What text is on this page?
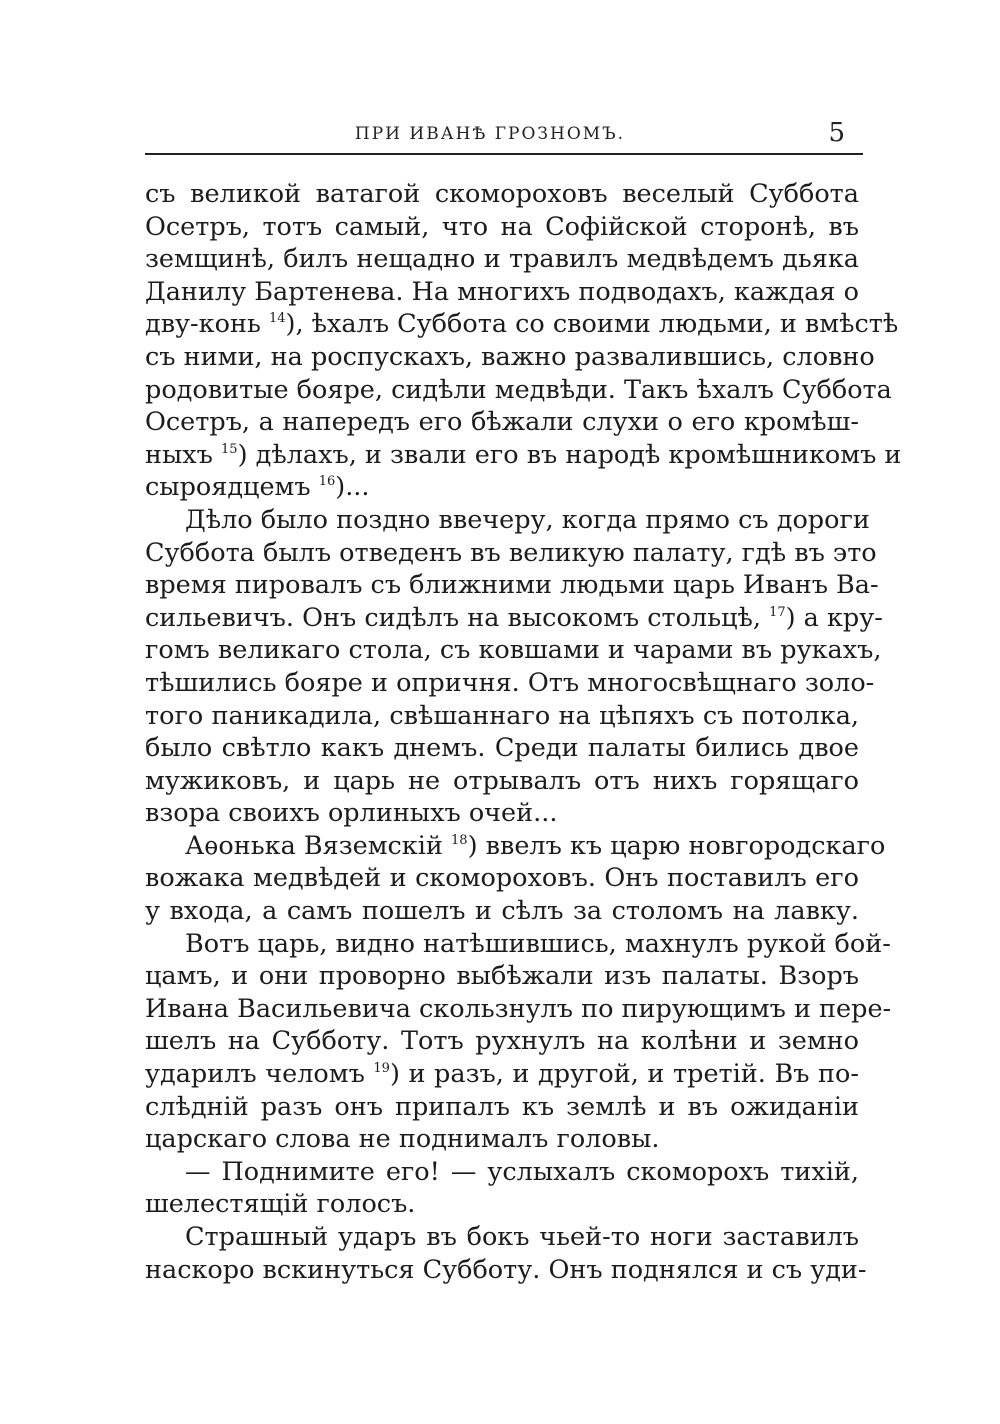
ПРИ ИВАНѢ ГРОЗНОМЪ.	5
съ великой ватагой скомороховъ веселый Суббота
Осетръ, тотъ самый, что на Софійской сторонѣ, въ
земщинѣ, билъ нещадно и травилъ медвѣдемъ дьяка
Данилу Бартенева. На многихъ подводахъ, каждая о
дву-конь $^{14}$), ѣхалъ Суббота со своими людьми, и вмѣстѣ
съ ними, на роспускахъ, важно развалившись, словно
родовитые бояре, сидѣли медвѣди. Такъ ѣхалъ Суббота
Осетръ, а напередъ его бѣжали слухи о его кромѣш-
ныхъ $^{15}$) дѣлахъ, и звали его въ народѣ кромѣшникомъ и
сыроядцемъ $^{16}$)...
Дѣло было поздно ввечеру, когда прямо съ дороги
Суббота былъ отведенъ въ великую палату, гдѣ въ это
время пировалъ съ ближними людьми царь Иванъ Ва-
сильевичъ. Онъ сидѣлъ на высокомъ стольцѣ, $^{17}$) а кру-
гомъ великаго стола, съ ковшами и чарами въ рукахъ,
тѣшились бояре и опричня. Отъ многосвѣщнаго золо-
того паникадила, свѣшаннаго на цѣпяхъ съ потолка,
было свѣтло какъ днемъ. Среди палаты бились двое
мужиковъ, и царь не отрывалъ отъ нихъ горящаго
взора своихъ орлиныхъ очей...
Аѳонька Вяземскій $^{18}$) ввелъ къ царю новгородскаго
вожака медвѣдей и скомороховъ. Онъ поставилъ его
у входа, а самъ пошелъ и сѣлъ за столомъ на лавку.
Вотъ царь, видно натѣшившись, махнулъ рукой бой-
цамъ, и они проворно выбѣжали изъ палаты. Взоръ
Ивана Васильевича скользнулъ по пирующимъ и пере-
шелъ на Субботу. Тотъ рухнулъ на колѣни и земно
ударилъ челомъ $^{19}$) и разъ, и другой, и третій. Въ по-
слѣдній разъ онъ припалъ къ землѣ и въ ожиданіи
царскаго слова не поднималъ головы.
— Поднимите его! — услыхалъ скоморохъ тихій,
шелестящій голосъ.
Страшный ударъ въ бокъ чьей-то ноги заставилъ
наскоро вскинуться Субботу. Онъ поднялся и съ уди-
